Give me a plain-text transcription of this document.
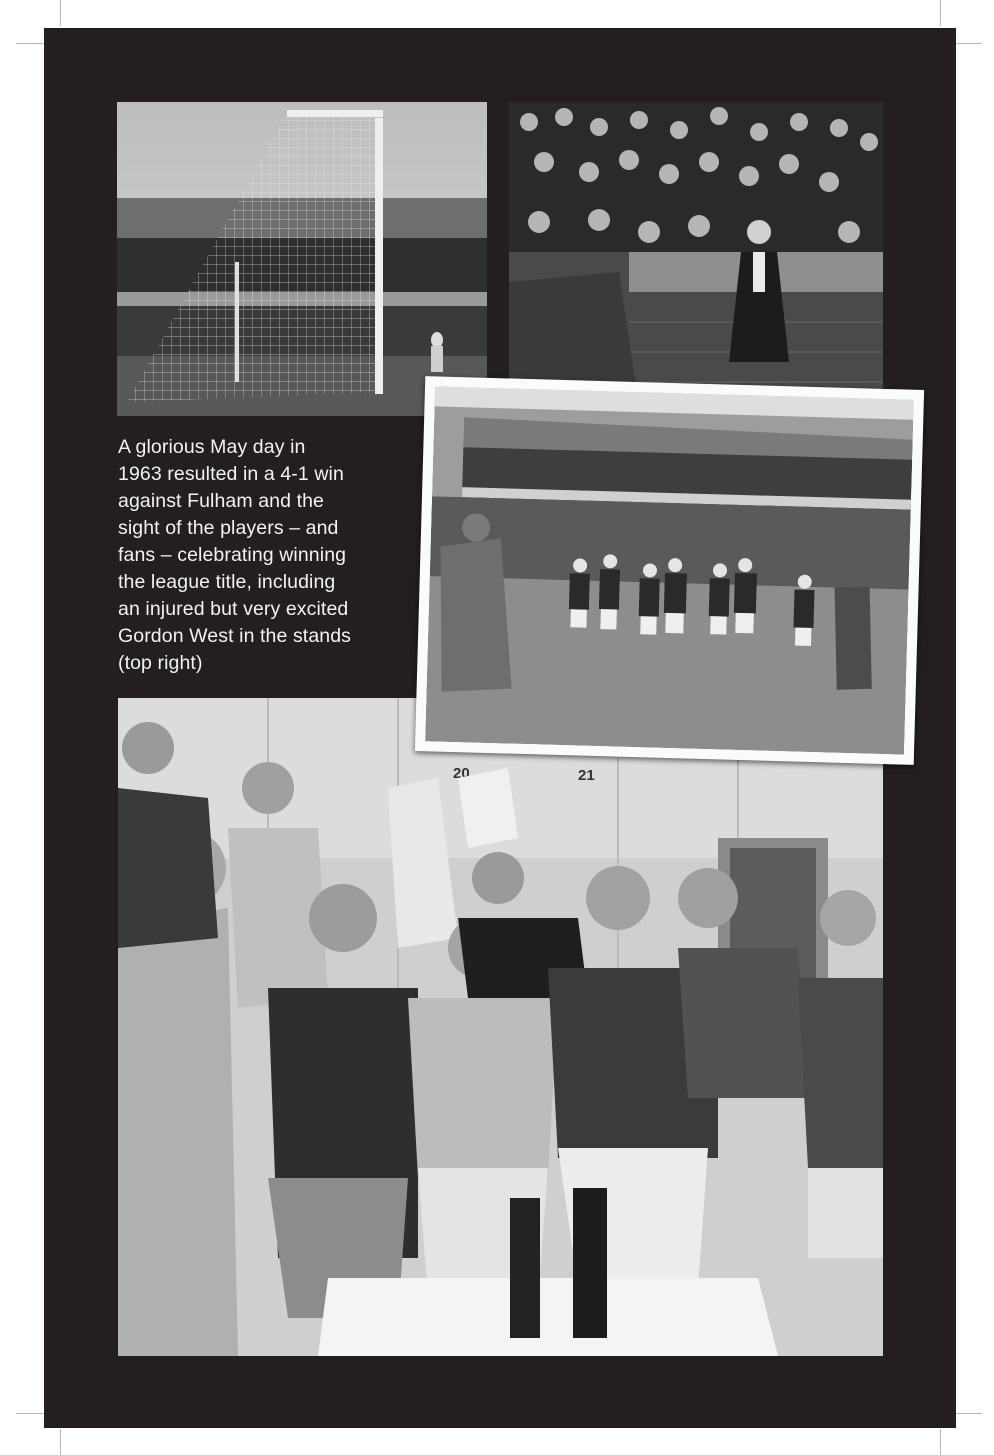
A glorious May day in
1963 resulted in a 4-1 win
against Fulham and the
sight of the players – and
fans – celebrating winning
the league title, including
an injured but very excited
Gordon West in the stands
(top right)
20	21
